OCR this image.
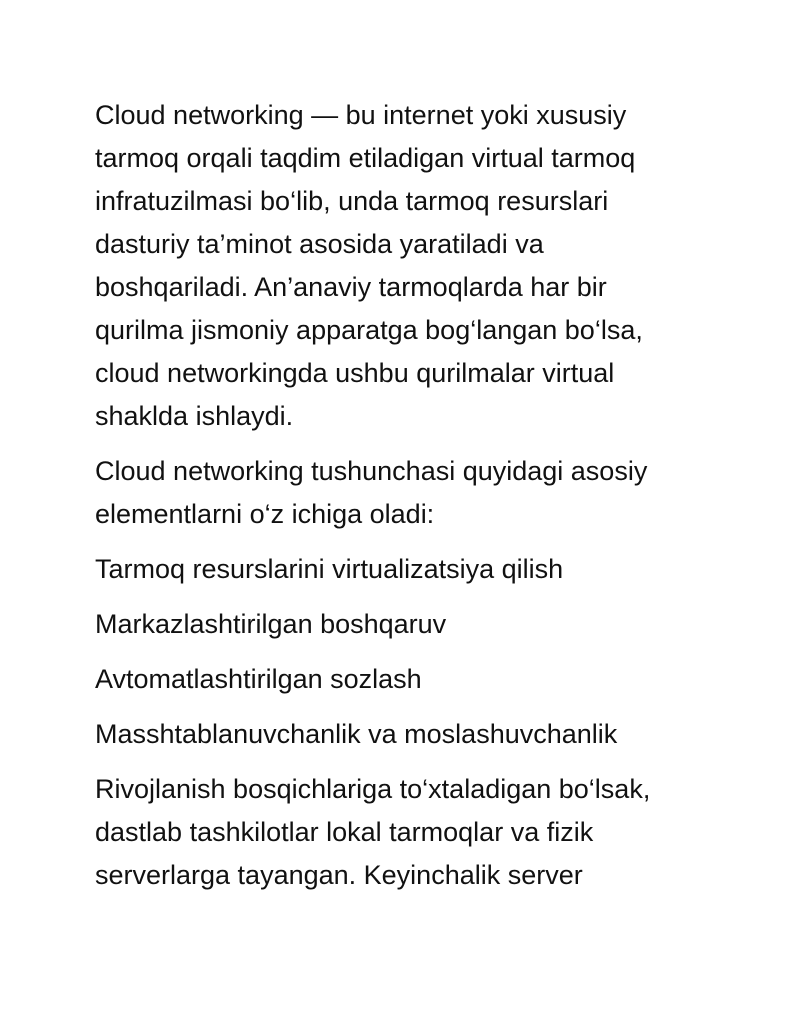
Cloud networking — bu internet yoki xususiy
tarmoq orqali taqdim etiladigan virtual tarmoq
infratuzilmasi bo‘lib, unda tarmoq resurslari
dasturiy ta’minot asosida yaratiladi va
boshqariladi. An’anaviy tarmoqlarda har bir
qurilma jismoniy apparatga bog‘langan bo‘lsa,
cloud networkingda ushbu qurilmalar virtual
shaklda ishlaydi.

Cloud networking tushunchasi quyidagi asosiy
elementlarni o‘z ichiga oladi:

Tarmoq resurslarini virtualizatsiya qilish

Markazlashtirilgan boshqaruv

Avtomatlashtirilgan sozlash

Masshtablanuvchanlik va moslashuvchanlik

Rivojlanish bosqichlariga to‘xtaladigan bo‘lsak,
dastlab tashkilotlar lokal tarmoqlar va fizik
serverlarga tayangan. Keyinchalik server
